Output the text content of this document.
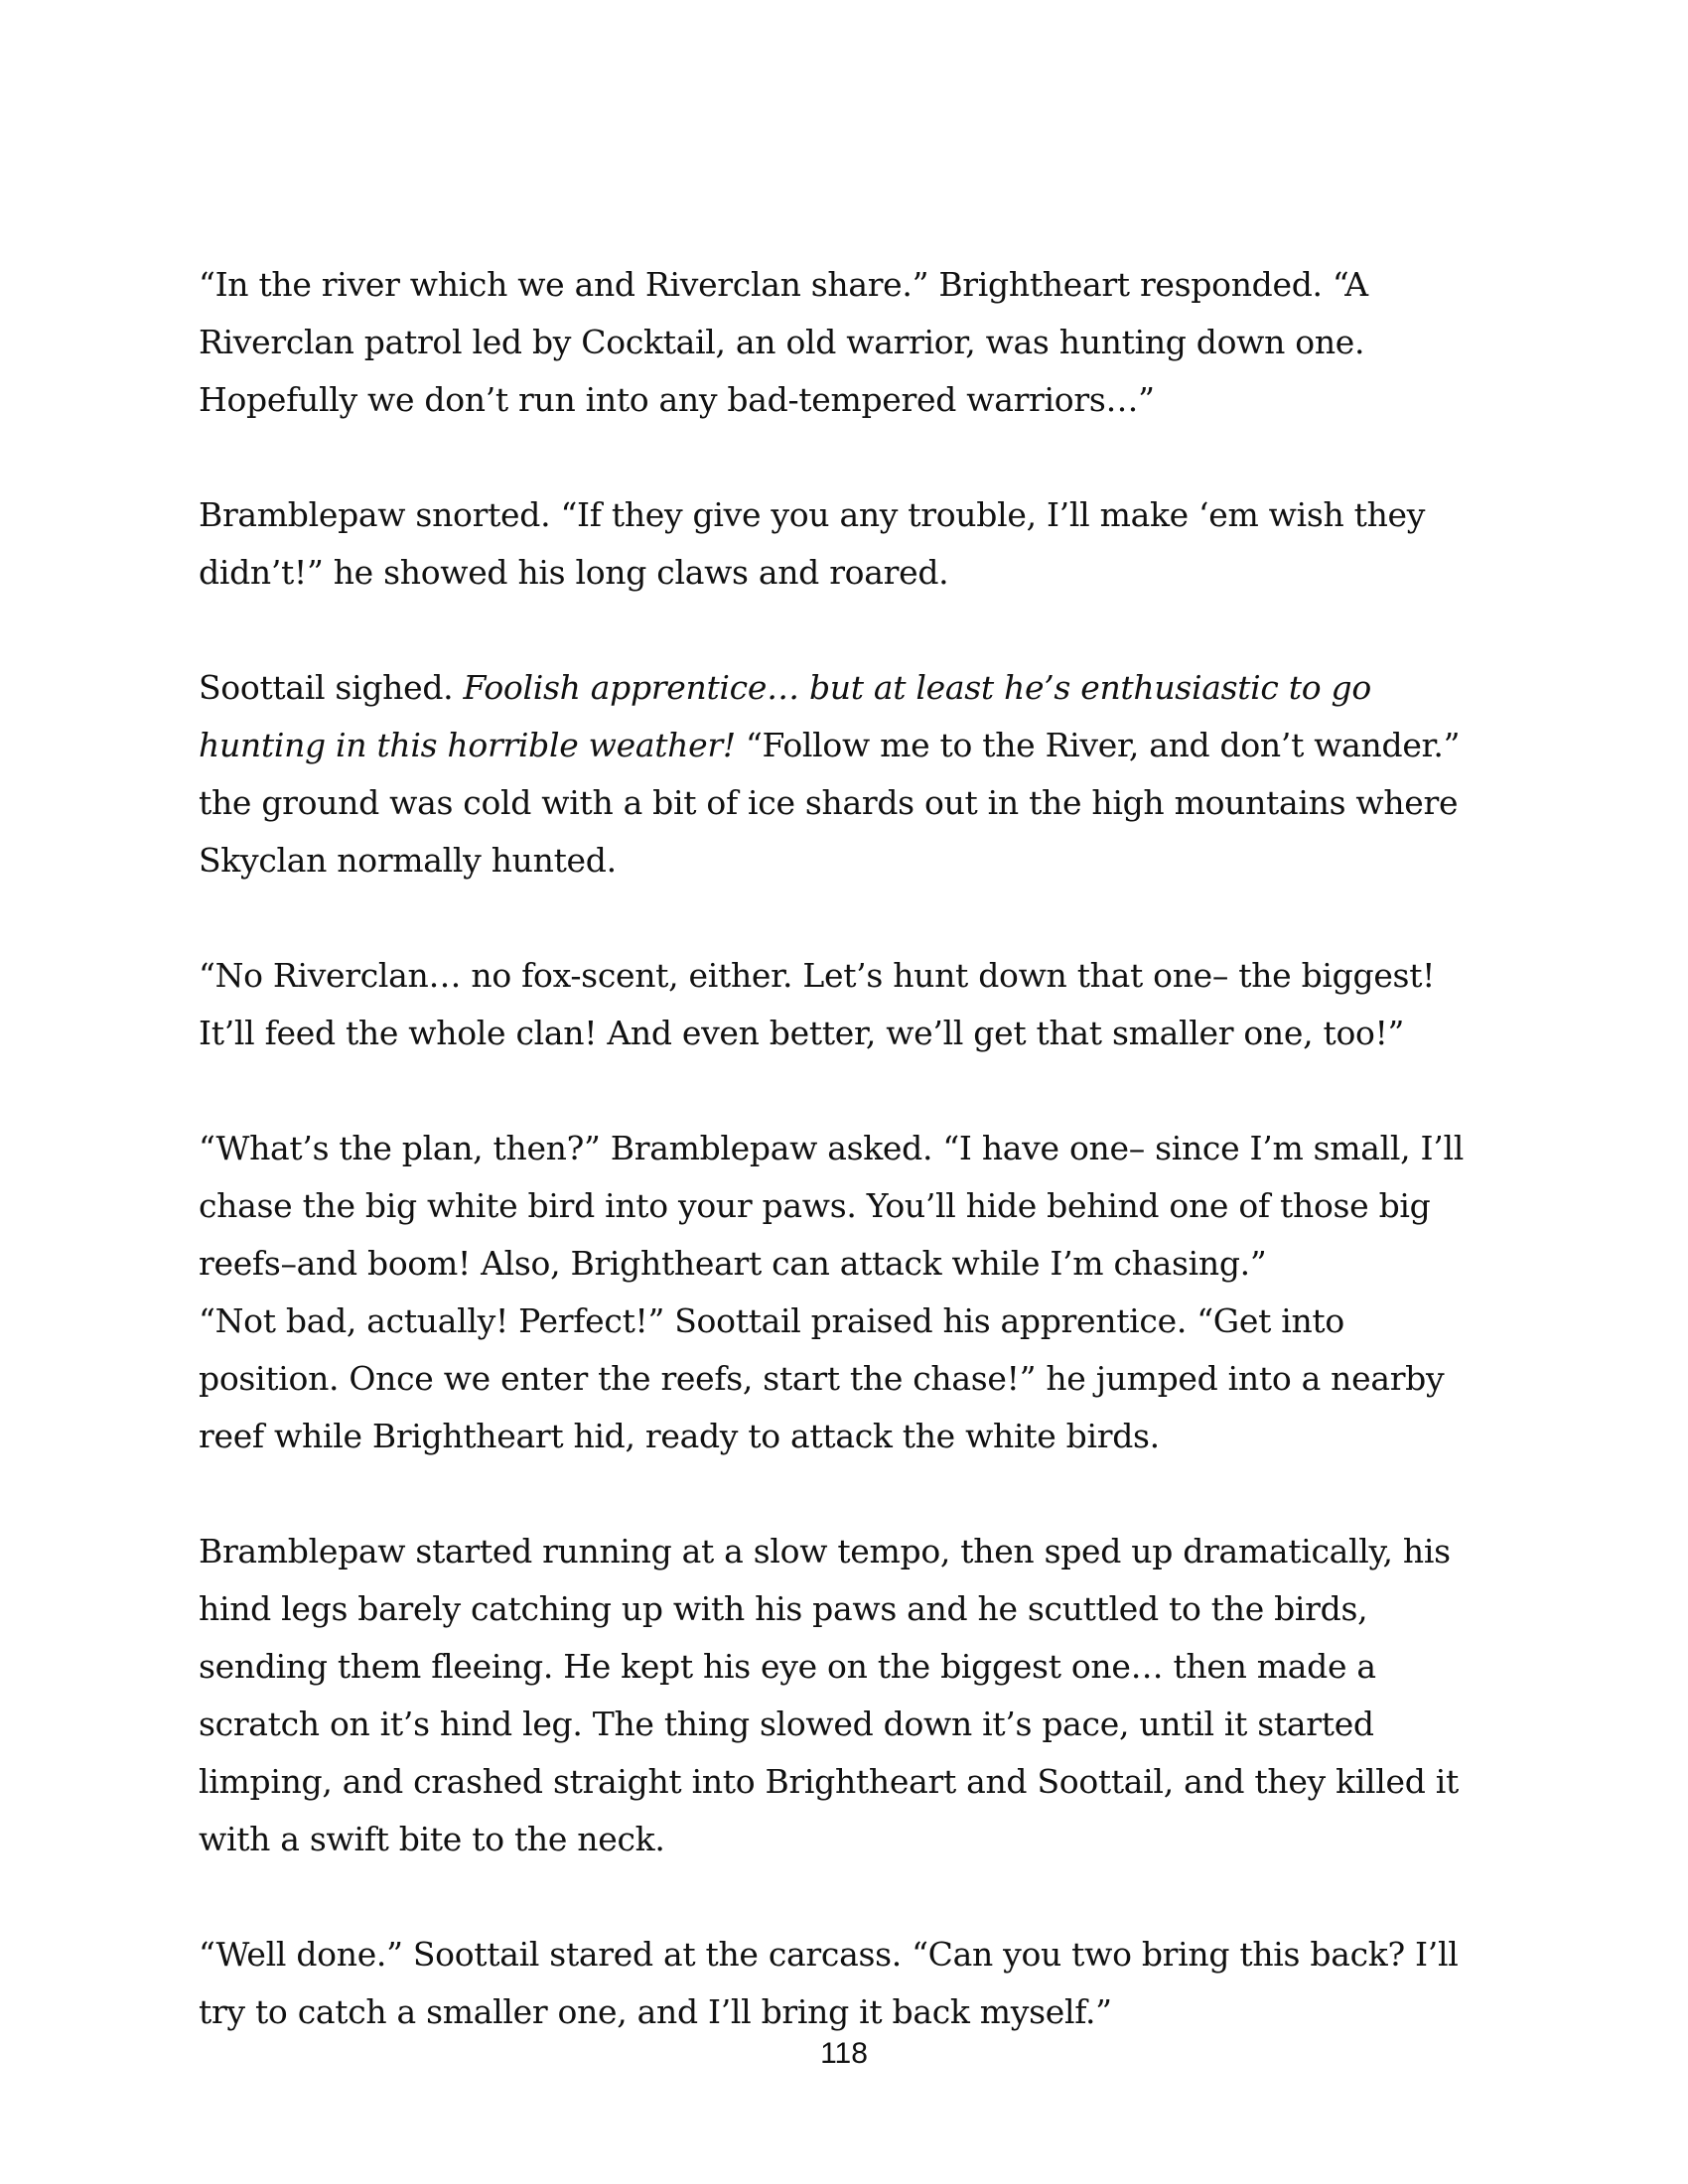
“In the river which we and Riverclan share.” Brightheart responded. “A Riverclan patrol led by Cocktail, an old warrior, was hunting down one. Hopefully we don’t run into any bad-tempered warriors…”

Bramblepaw snorted. “If they give you any trouble, I’ll make ‘em wish they didn’t!” he showed his long claws and roared.

Soottail sighed. Foolish apprentice… but at least he’s enthusiastic to go hunting in this horrible weather! “Follow me to the River, and don’t wander.” the ground was cold with a bit of ice shards out in the high mountains where Skyclan normally hunted.

“No Riverclan… no fox-scent, either. Let’s hunt down that one– the biggest! It’ll feed the whole clan! And even better, we’ll get that smaller one, too!”

“What’s the plan, then?” Bramblepaw asked. “I have one– since I’m small, I’ll chase the big white bird into your paws. You’ll hide behind one of those big reefs–and boom! Also, Brightheart can attack while I’m chasing.”

“Not bad, actually! Perfect!” Soottail praised his apprentice. “Get into position. Once we enter the reefs, start the chase!” he jumped into a nearby reef while Brightheart hid, ready to attack the white birds.

Bramblepaw started running at a slow tempo, then sped up dramatically, his hind legs barely catching up with his paws and he scuttled to the birds, sending them fleeing. He kept his eye on the biggest one… then made a scratch on it’s hind leg. The thing slowed down it’s pace, until it started limping, and crashed straight into Brightheart and Soottail, and they killed it with a swift bite to the neck.

“Well done.” Soottail stared at the carcass. “Can you two bring this back? I’ll try to catch a smaller one, and I’ll bring it back myself.”

118
